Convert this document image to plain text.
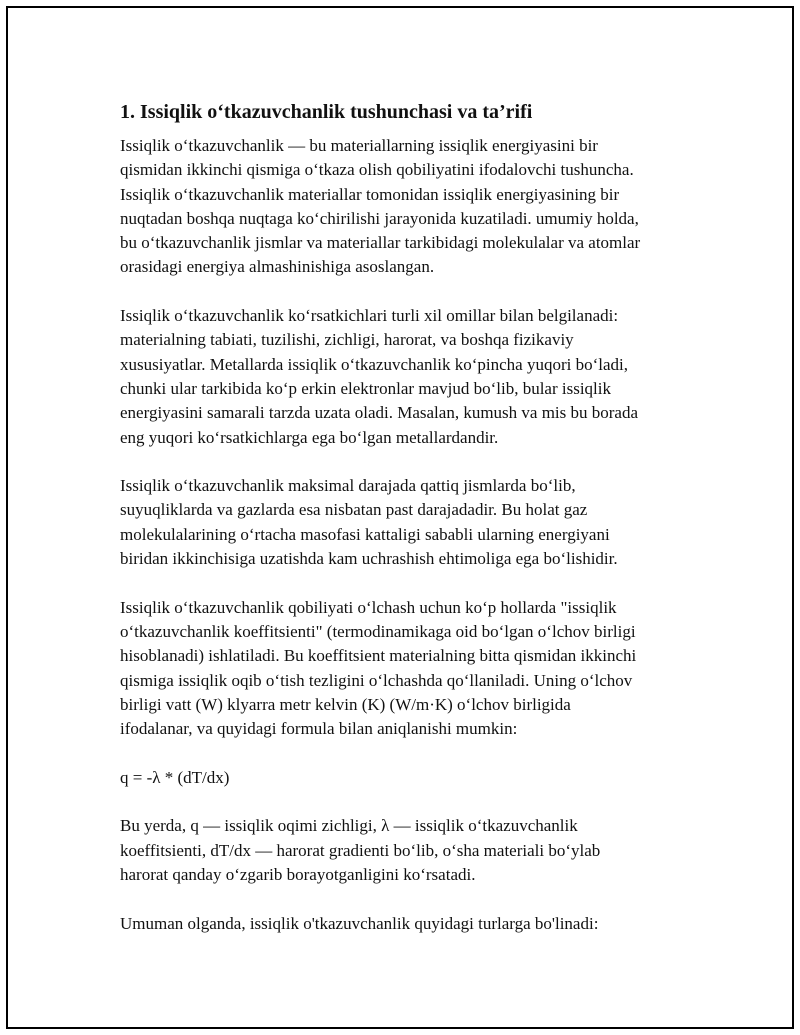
1. Issiqlik o‘tkazuvchanlik tushunchasi va ta’rifi

Issiqlik o‘tkazuvchanlik — bu materiallarning issiqlik energiyasini bir
qismidan ikkinchi qismiga o‘tkaza olish qobiliyatini ifodalovchi tushuncha.
Issiqlik o‘tkazuvchanlik materiallar tomonidan issiqlik energiyasining bir
nuqtadan boshqa nuqtaga ko‘chirilishi jarayonida kuzatiladi. umumiy holda,
bu o‘tkazuvchanlik jismlar va materiallar tarkibidagi molekulalar va atomlar
orasidagi energiya almashinishiga asoslangan.

Issiqlik o‘tkazuvchanlik ko‘rsatkichlari turli xil omillar bilan belgilanadi:
materialning tabiati, tuzilishi, zichligi, harorat, va boshqa fizikaviy
xususiyatlar. Metallarda issiqlik o‘tkazuvchanlik ko‘pincha yuqori bo‘ladi,
chunki ular tarkibida ko‘p erkin elektronlar mavjud bo‘lib, bular issiqlik
energiyasini samarali tarzda uzata oladi. Masalan, kumush va mis bu borada
eng yuqori ko‘rsatkichlarga ega bo‘lgan metallardandir.

Issiqlik o‘tkazuvchanlik maksimal darajada qattiq jismlarda bo‘lib,
suyuqliklarda va gazlarda esa nisbatan past darajadadir. Bu holat gaz
molekulalarining o‘rtacha masofasi kattaligi sababli ularning energiyani
biridan ikkinchisiga uzatishda kam uchrashish ehtimoliga ega bo‘lishidir.

Issiqlik o‘tkazuvchanlik qobiliyati o‘lchash uchun ko‘p hollarda "issiqlik
o‘tkazuvchanlik koeffitsienti" (termodinamikaga oid bo‘lgan o‘lchov birligi
hisoblanadi) ishlatiladi. Bu koeffitsient materialning bitta qismidan ikkinchi
qismiga issiqlik oqib o‘tish tezligini o‘lchashda qo‘llaniladi. Uning o‘lchov
birligi vatt (W) klyarra metr kelvin (K) (W/m·K) o‘lchov birligida
ifodalanar, va quyidagi formula bilan aniqlanishi mumkin:

q = -λ * (dT/dx)

Bu yerda, q — issiqlik oqimi zichligi, λ — issiqlik o‘tkazuvchanlik
koeffitsienti, dT/dx — harorat gradienti bo‘lib, o‘sha materiali bo‘ylab
harorat qanday o‘zgarib borayotganligini ko‘rsatadi.

Umuman olganda, issiqlik o'tkazuvchanlik quyidagi turlarga bo'linadi:
